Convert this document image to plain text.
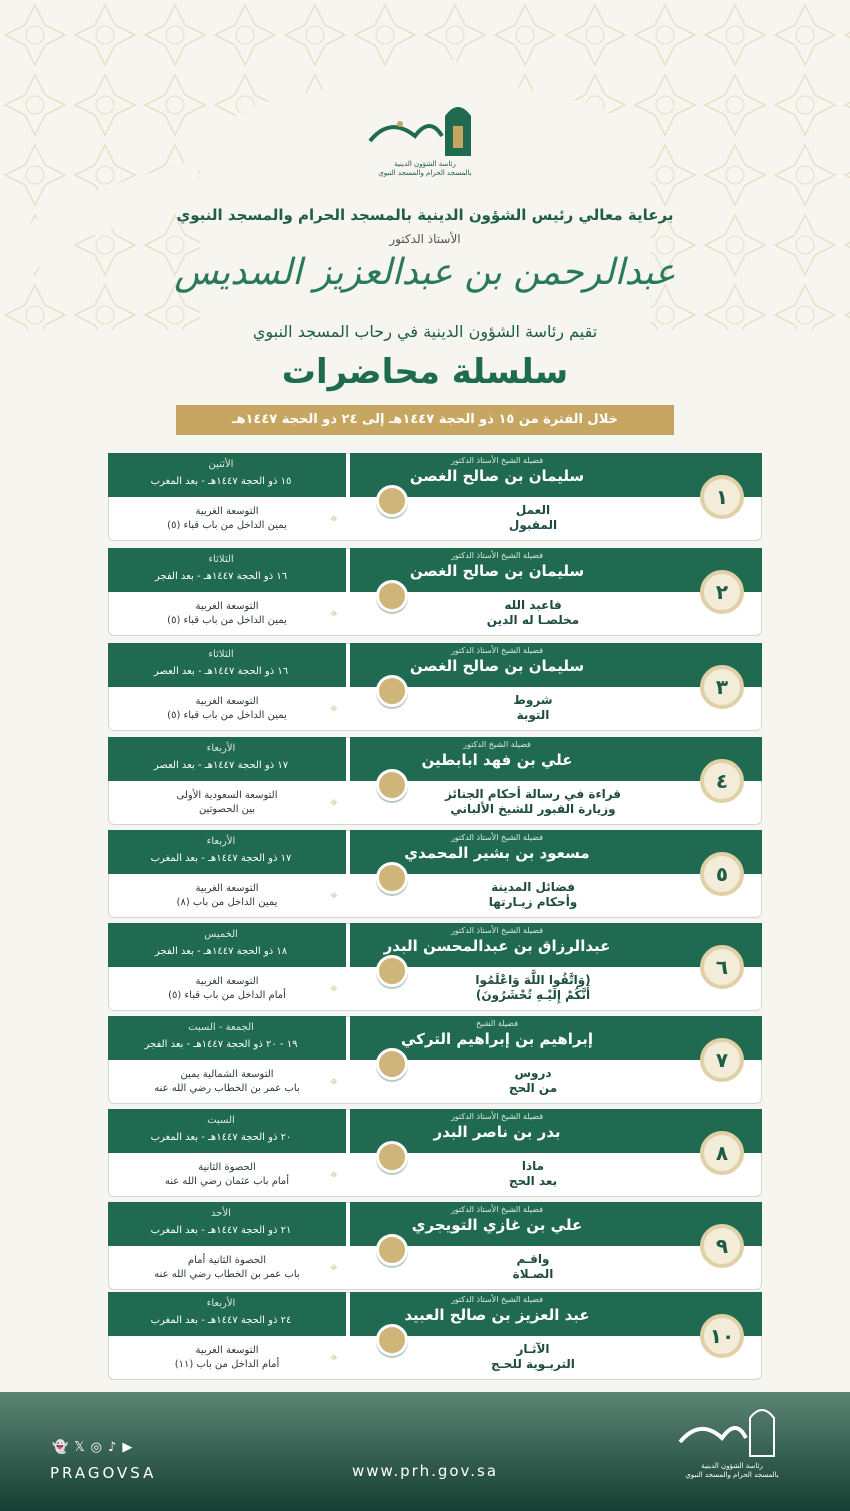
رئاسة الشؤون الدينية
بالمسجد الحرام والمسجد النبوي
برعاية معالي رئيس الشؤون الدينية بالمسجد الحرام والمسجد النبوي
الأستاذ الدكتور
عبدالرحمن بن عبدالعزيز السديس
تقيم رئاسة الشؤون الدينية في رحاب المسجد النبوي
سلسلة محاضرات
خلال الفترة من ١٥ ذو الحجة ١٤٤٧هـ إلى ٢٤ ذو الحجة ١٤٤٧هـ
١
فضيلة الشيخ الأستاذ الدكتور
سليمان بن صالح الغصن
الأثنين
١٥ ذو الحجة ١٤٤٧هـ - بعد المغرب
العمل
المقبول
⌖
التوسعة الغربية
يمين الداخل من باب قباء (٥)
٢
فضيلة الشيخ الأستاذ الدكتور
سليمان بن صالح الغصن
الثلاثاء
١٦ ذو الحجة ١٤٤٧هـ - بعد الفجر
فاعبد الله
مخلصـا له الدين
⌖
التوسعة الغربية
يمين الداخل من باب قباء (٥)
٣
فضيلة الشيخ الأستاذ الدكتور
سليمان بن صالح الغصن
الثلاثاء
١٦ ذو الحجة ١٤٤٧هـ - بعد العصر
شروط
التوبة
⌖
التوسعة الغربية
يمين الداخل من باب قباء (٥)
٤
فضيلة الشيخ الدكتور
علي بن فهد ابابطين
الأربعاء
١٧ ذو الحجة ١٤٤٧هـ - بعد العصر
قراءة في رسالة أحكام الجنائز
وزيارة القبور للشيخ الألباني
⌖
التوسعة السعودية الأولى
بين الحصوتين
٥
فضيلة الشيخ الأستاذ الدكتور
مسعود بن بشير المحمدي
الأربعاء
١٧ ذو الحجة ١٤٤٧هـ - بعد المغرب
فضائل المدينة
وأحكام زيـارتها
⌖
التوسعة الغربية
يمين الداخل من باب (٨)
٦
فضيلة الشيخ الأستاذ الدكتور
عبدالرزاق بن عبدالمحسن البدر
الخميس
١٨ ذو الحجة ١٤٤٧هـ - بعد الفجر
(وَاتَّقُوا اللَّهَ وَاعْلَمُوا
أَنَّكُمْ إِلَيْـهِ تُحْشَرُونَ)
⌖
التوسعة الغربية
أمام الداخل من باب قباء (٥)
٧
فضيلة الشيخ
إبراهيم بن إبراهيم التركي
الجمعة - السبت
١٩ - ٢٠ ذو الحجة ١٤٤٧هـ - بعد الفجر
دروس
من الحج
⌖
التوسعة الشمالية يمين
باب عمر بن الخطاب رضي الله عنه
٨
فضيلة الشيخ الأستاذ الدكتور
بدر بن ناصر البدر
السبت
٢٠ ذو الحجة ١٤٤٧هـ - بعد المغرب
ماذا
بعد الحج
⌖
الحصوة الثانية
أمام باب عثمان رضي الله عنه
٩
فضيلة الشيخ الأستاذ الدكتور
علي بن غازي التويجري
الأحد
٢١ ذو الحجة ١٤٤٧هـ - بعد المغرب
واقـم
الصـلاة
⌖
الحصوة الثانية أمام
باب عمر بن الخطاب رضي الله عنه
١٠
فضيلة الشيخ الأستاذ الدكتور
عبد العزيز بن صالح العبيد
الأربعاء
٢٤ ذو الحجة ١٤٤٧هـ - بعد المغرب
الآثـار
التربـوية للحـج
⌖
التوسعة الغربية
أمام الداخل من باب (١١)
👻𝕏◎♪▶
PRAGOVSA	www.prh.gov.sa	رئاسة الشؤون الدينية
بالمسجد الحرام والمسجد النبوي
